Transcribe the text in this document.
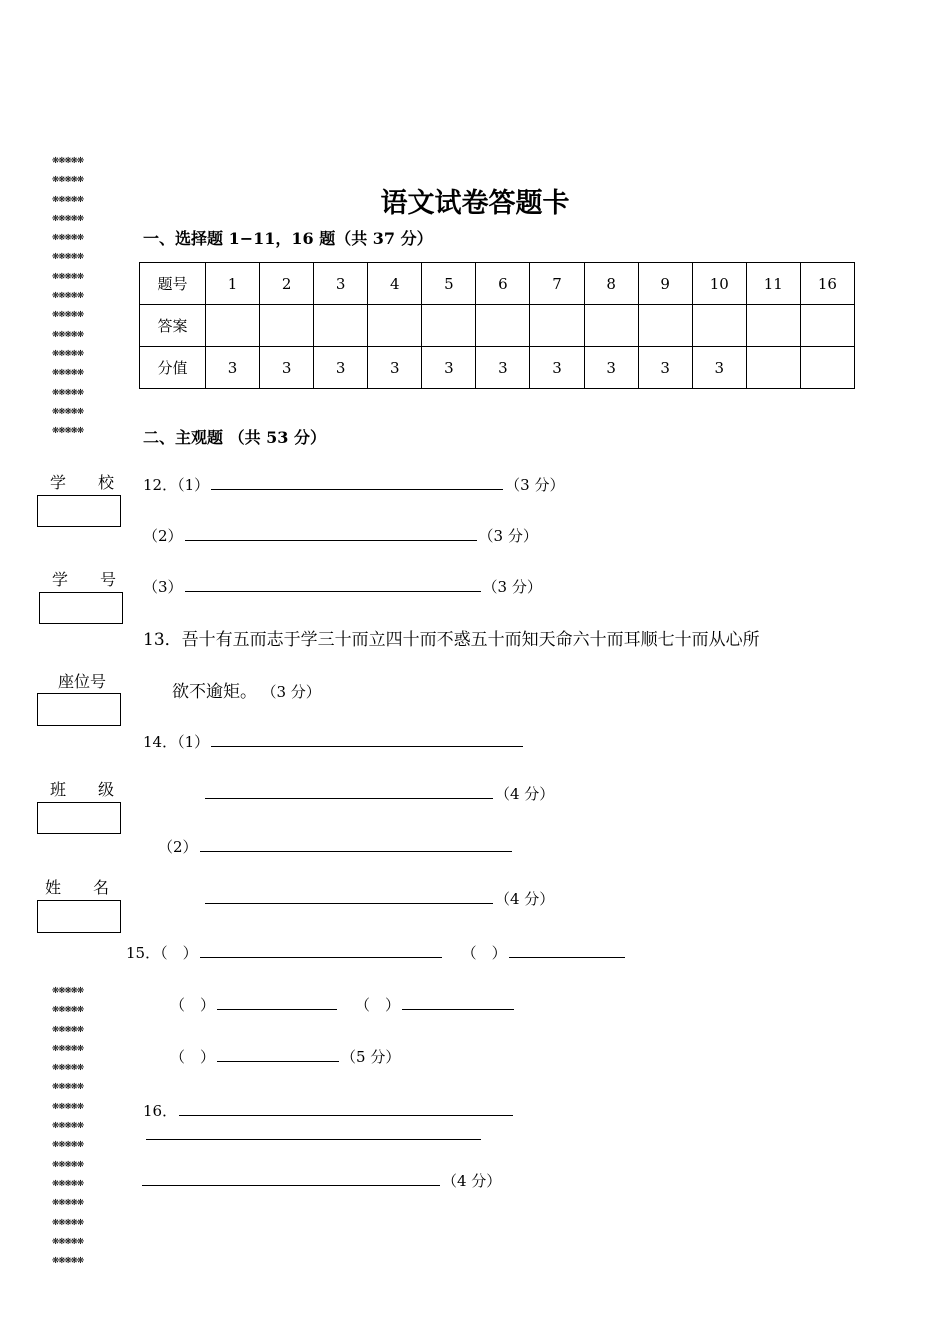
❋❋❋❋❋
❋❋❋❋❋
❋❋❋❋❋
❋❋❋❋❋
❋❋❋❋❋
❋❋❋❋❋
❋❋❋❋❋
❋❋❋❋❋
❋❋❋❋❋
❋❋❋❋❋
❋❋❋❋❋
❋❋❋❋❋
❋❋❋❋❋
❋❋❋❋❋
❋❋❋❋❋
学　　校
学　　号
座位号
班　　级
姓　　名
❋❋❋❋❋
❋❋❋❋❋
❋❋❋❋❋
❋❋❋❋❋
❋❋❋❋❋
❋❋❋❋❋
❋❋❋❋❋
❋❋❋❋❋
❋❋❋❋❋
❋❋❋❋❋
❋❋❋❋❋
❋❋❋❋❋
❋❋❋❋❋
❋❋❋❋❋
❋❋❋❋❋
语文试卷答题卡
一、选择题 1−11，16 题（共 37 分）
题号	1	2	3	4	5	6	7	8	9	10	11	16
答案												
分值	3	3	3	3	3	3	3	3	3	3		
二、主观题 （共 53 分）
12．（1）	（3 分）
（2）	（3 分）
（3）	（3 分）
13．吾十有五而志于学三十而立四十而不惑五十而知天命六十而耳顺七十而从心所
欲不逾矩。 （3 分）
14．（1）
（4 分）
（2）
（4 分）
15．（　）	（　）
（　）	（　）
（　）	（5 分）
16．
（4 分）
